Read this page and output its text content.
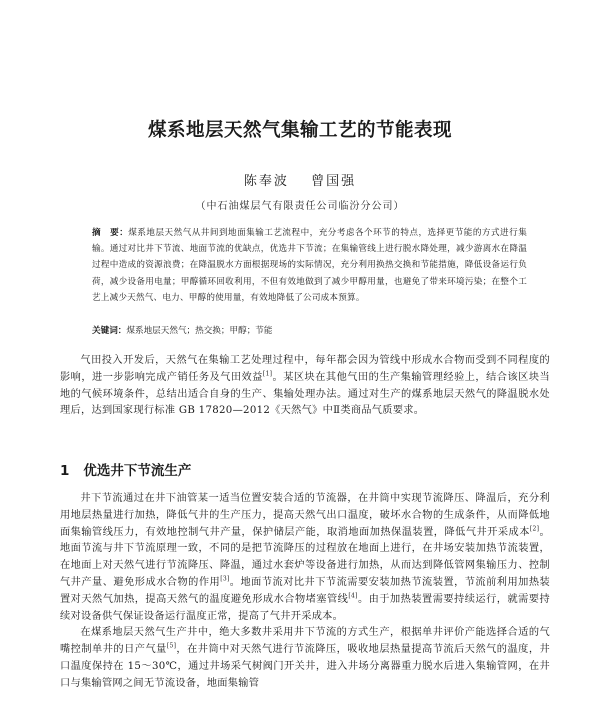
煤系地层天然气集输工艺的节能表现
陈奉波 曾国强
（中石油煤层气有限责任公司临汾分公司）
摘　要：煤系地层天然气从井间到地面集输工艺流程中，充分考虑各个环节的特点，选择更节能的方式进行集输。通过对比井下节流、地面节流的优缺点，优选井下节流；在集输管线上进行脱水降处理，减少游离水在降温过程中造成的资源浪费；在降温脱水方面根据现场的实际情况，充分利用换热交换和节能措施，降低设备运行负荷，减少设备用电量；甲醇循环回收利用，不但有效地做到了减少甲醇用量，也避免了带来环境污染；在整个工艺上减少天然气、电力、甲醇的使用量，有效地降低了公司成本预算。
关键词：煤系地层天然气；热交换；甲醇；节能

气田投入开发后，天然气在集输工艺处理过程中，每年都会因为管线中形成水合物而受到不同程度的影响，进一步影响完成产销任务及气田效益[1]。某区块在其他气田的生产集输管理经验上，结合该区块当地的气候环境条件，总结出适合自身的生产、集输处理办法。通过对生产的煤系地层天然气的降温脱水处理后，达到国家现行标准 GB 17820—2012《天然气》中Ⅱ类商品气质要求。

1 优选井下节流生产

井下节流通过在井下油管某一适当位置安装合适的节流器，在井筒中实现节流降压、降温后，充分利用地层热量进行加热，降低气井的生产压力，提高天然气出口温度，破坏水合物的生成条件，从而降低地面集输管线压力，有效地控制气井产量，保护储层产能，取消地面加热保温装置，降低气井开采成本[2]。地面节流与井下节流原理一致，不同的是把节流降压的过程放在地面上进行，在井场安装加热节流装置，在地面上对天然气进行节流降压、降温，通过水套炉等设备进行加热，从而达到降低管网集输压力、控制气井产量、避免形成水合物的作用[3]。地面节流对比井下节流需要安装加热节流装置，节流前利用加热装置对天然气加热，提高天然气的温度避免形成水合物堵塞管线[4]。由于加热装置需要持续运行，就需要持续对设备供气保证设备运行温度正常，提高了气井开采成本。

在煤系地层天然气生产井中，绝大多数井采用井下节流的方式生产，根据单井评价产能选择合适的气嘴控制单井的日产气量[5]，在井筒中对天然气进行节流降压，吸收地层热量提高节流后天然气的温度，井口温度保持在 15～30℃，通过井场采气树阀门开关井，进入井场分离器重力脱水后进入集输管网，在井口与集输管网之间无节流设备，地面集输管
